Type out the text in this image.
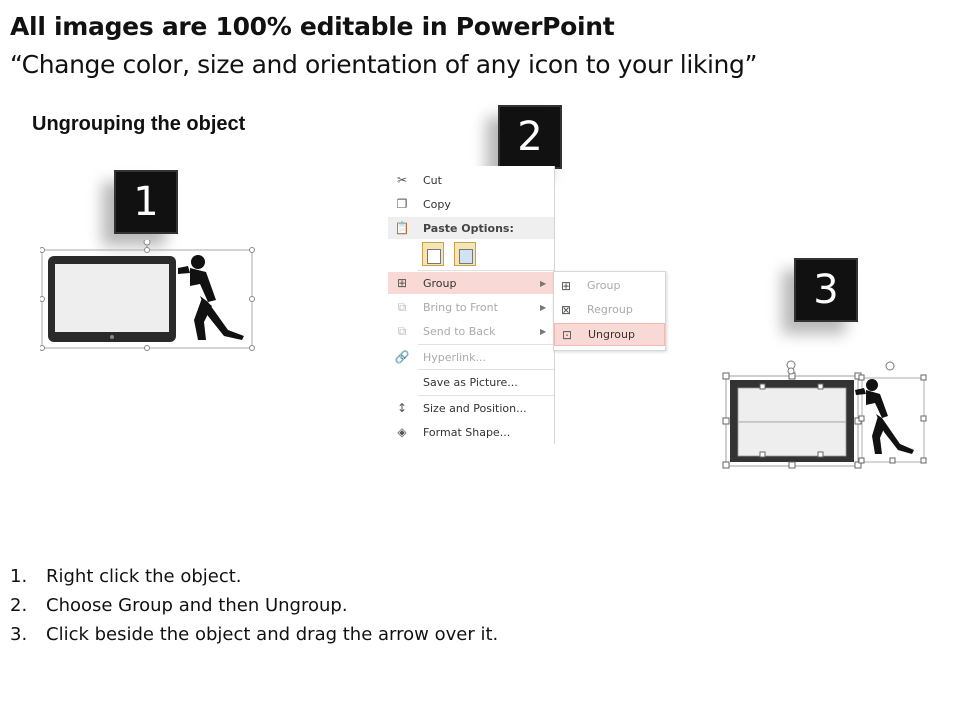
All images are 100% editable in PowerPoint
“Change color, size and orientation of any icon to your liking”
Ungrouping the object
1
2
✂ Cut
❐ Copy
📋 Paste Options:
⊞ Group	▶
⧉ Bring to Front	▶
⧉ Send to Back	▶
🔗 Hyperlink...
Save as Picture...
↕ Size and Position...
◈ Format Shape...
⊞ Group
⊠ Regroup
⊡ Ungroup
3
1.	Right click the object.
2.	Choose Group and then Ungroup.
3.	Click beside the object and drag the arrow over it.
